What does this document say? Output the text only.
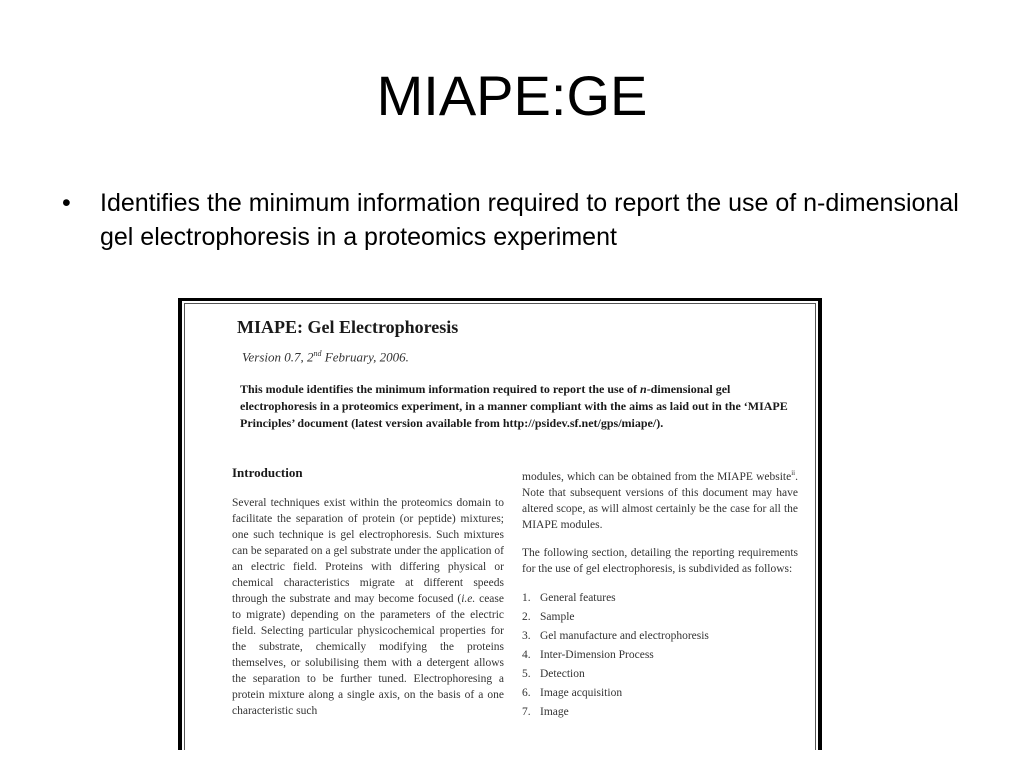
MIAPE:GE
•	Identifies the minimum information required to report the use of n-dimensional gel electrophoresis in a proteomics experiment
MIAPE: Gel Electrophoresis
Version 0.7, 2nd February, 2006.

This module identifies the minimum information required to report the use of n-dimensional gel electrophoresis in a proteomics experiment, in a manner compliant with the aims as laid out in the ‘MIAPE Principles’ document (latest version available from http://psidev.sf.net/gps/miape/).

Introduction

Several techniques exist within the proteomics domain to facilitate the separation of protein (or peptide) mixtures; one such technique is gel electrophoresis. Such mixtures can be separated on a gel substrate under the application of an electric field. Proteins with differing physical or chemical characteristics migrate at different speeds through the substrate and may become focused (i.e. cease to migrate) depending on the parameters of the electric field. Selecting particular physicochemical properties for the substrate, chemically modifying the proteins themselves, or solubilising them with a detergent allows the separation to be further tuned. Electrophoresing a protein mixture along a single axis, on the basis of a one characteristic such

modules, which can be obtained from the MIAPE website$^{ii}$. Note that subsequent versions of this document may have altered scope, as will almost certainly be the case for all the MIAPE modules.

The following section, detailing the reporting requirements for the use of gel electrophoresis, is subdivided as follows:

1. General features
2. Sample
3. Gel manufacture and electrophoresis
4. Inter-Dimension Process
5. Detection
6. Image acquisition
7. Image
